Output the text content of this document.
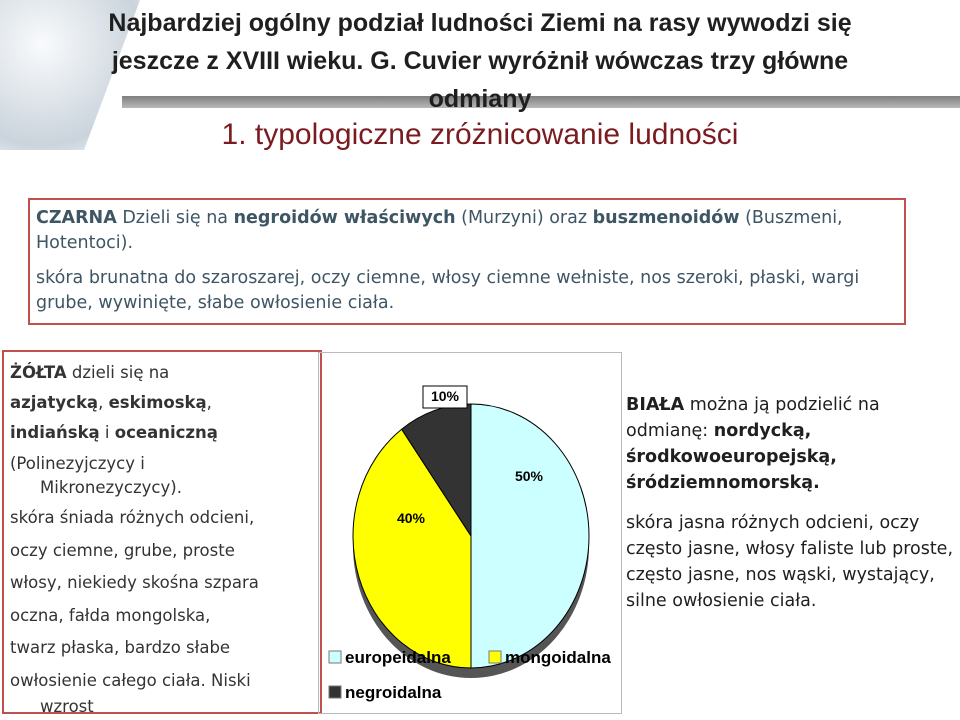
Najbardziej ogólny podział ludności Ziemi na rasy wywodzi się
jeszcze z XVIII wieku. G. Cuvier wyróżnił wówczas trzy główne
odmiany
1. typologiczne zróżnicowanie ludności
CZARNA Dzieli się na negroidów właściwych (Murzyni) oraz buszmenoidów (Buszmeni, Hotentoci).
skóra brunatna do szaroszarej, oczy ciemne, włosy ciemne wełniste, nos szeroki, płaski, wargi grube, wywinięte, słabe owłosienie ciała.
ŻÓŁTA dzieli się na
azjatycką, eskimoską,
indiańską i oceaniczną
(Polinezyjczycy i
Mikronezyczycy).
skóra śniada różnych odcieni,
oczy ciemne, grube, proste
włosy, niekiedy skośna szpara
oczna, fałda mongolska,
twarz płaska, bardzo słabe
owłosienie całego ciała. Niski
wzrost
50%
40%
10%
europeidalna	mongoidalna
negroidalna
BIAŁA można ją podzielić na odmianę: nordycką, środkowoeuropejską, śródziemnomorską.
skóra jasna różnych odcieni, oczy często jasne, włosy faliste lub proste, często jasne, nos wąski, wystający, silne owłosienie ciała.
